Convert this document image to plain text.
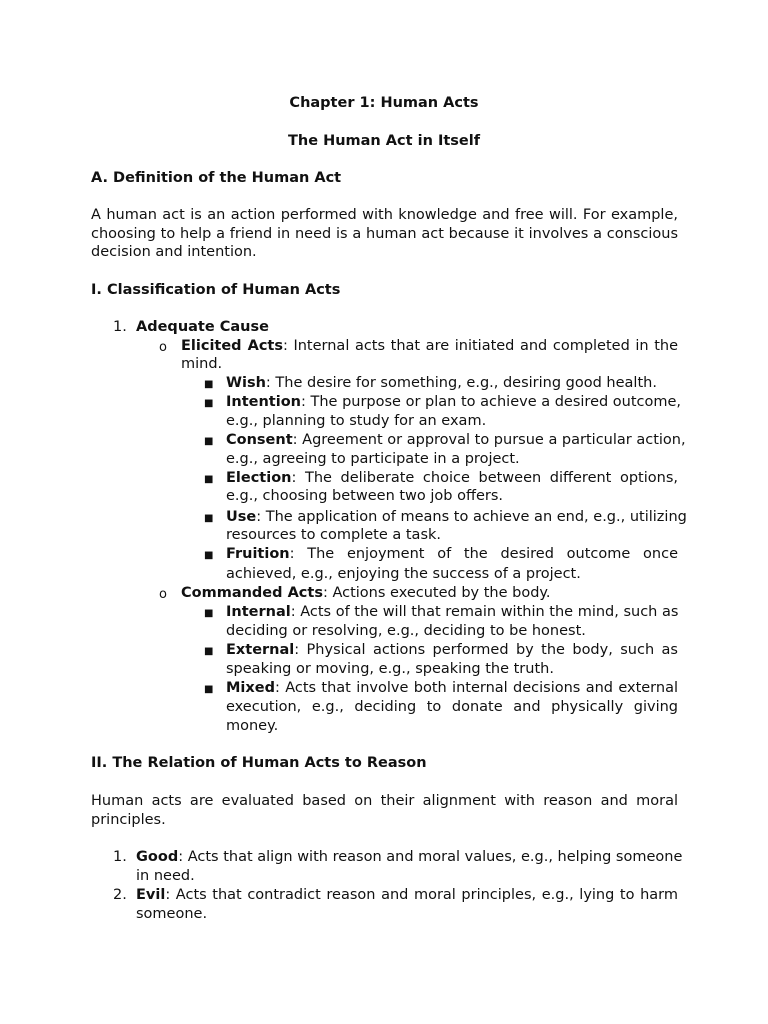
Chapter 1: Human Acts

The Human Act in Itself

A. Definition of the Human Act

A human act is an action performed with knowledge and free will. For example,

choosing to help a friend in need is a human act because it involves a conscious

decision and intention.

I. Classification of Human Acts

1. Adequate Cause

o Elicited Acts: Internal acts that are initiated and completed in the

mind.

■ Wish: The desire for something, e.g., desiring good health.

■ Intention: The purpose or plan to achieve a desired outcome,

e.g., planning to study for an exam.

■ Consent: Agreement or approval to pursue a particular action,

e.g., agreeing to participate in a project.

■ Election: The deliberate choice between different options,

e.g., choosing between two job offers.

■ Use: The application of means to achieve an end, e.g., utilizing

resources to complete a task.

■ Fruition: The enjoyment of the desired outcome once

achieved, e.g., enjoying the success of a project.

o Commanded Acts: Actions executed by the body.

■ Internal: Acts of the will that remain within the mind, such as

deciding or resolving, e.g., deciding to be honest.

■ External: Physical actions performed by the body, such as

speaking or moving, e.g., speaking the truth.

■ Mixed: Acts that involve both internal decisions and external

execution, e.g., deciding to donate and physically giving

money.

II. The Relation of Human Acts to Reason

Human acts are evaluated based on their alignment with reason and moral

principles.

1. Good: Acts that align with reason and moral values, e.g., helping someone

in need.

2. Evil: Acts that contradict reason and moral principles, e.g., lying to harm

someone.
